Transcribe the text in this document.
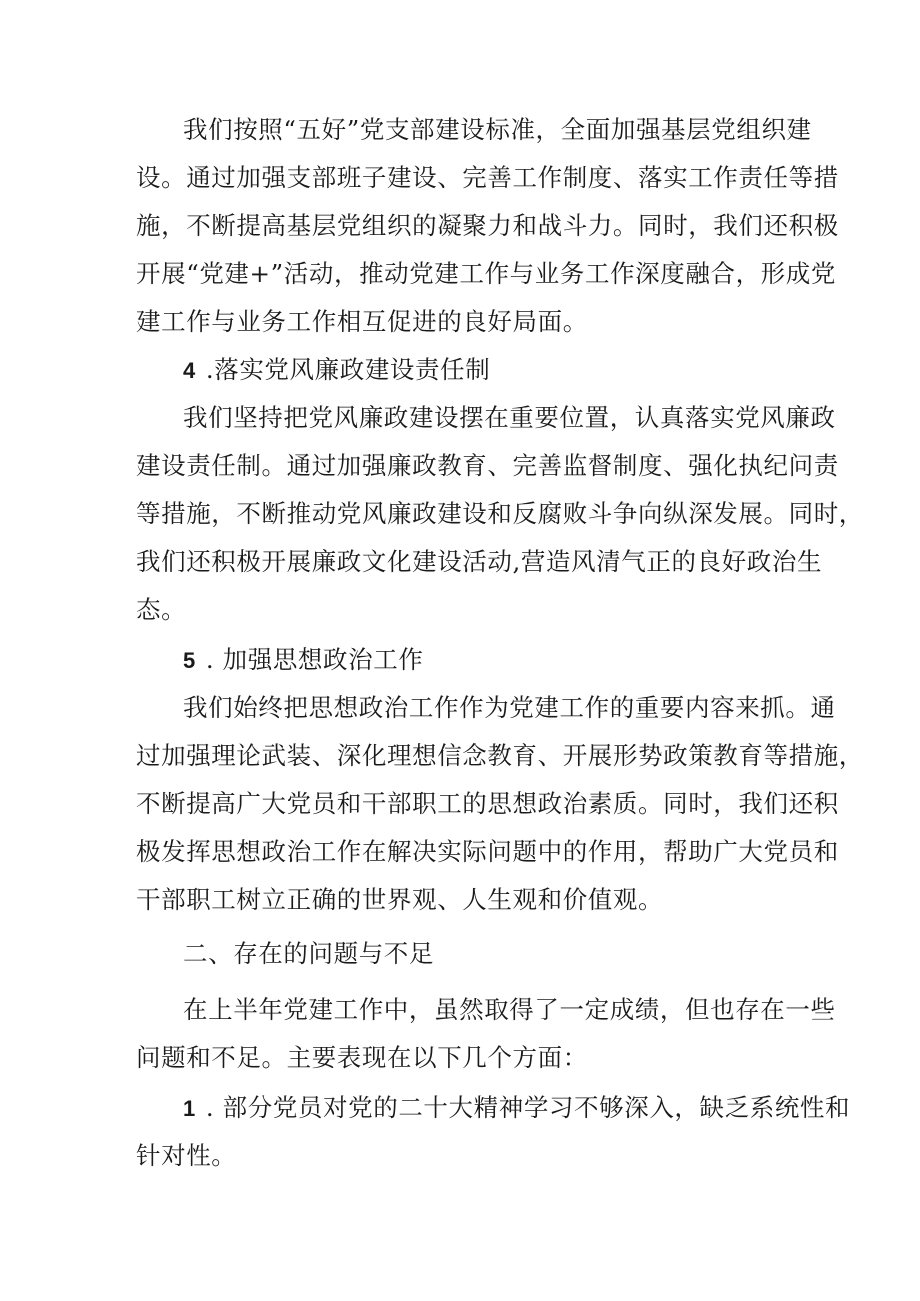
我们按照“五好”党支部建设标准，全面加强基层党组织建
设。通过加强支部班子建设、完善工作制度、落实工作责任等措
施，不断提高基层党组织的凝聚力和战斗力。同时，我们还积极
开展“党建+”活动，推动党建工作与业务工作深度融合，形成党
建工作与业务工作相互促进的良好局面。
4 .落实党风廉政建设责任制
我们坚持把党风廉政建设摆在重要位置，认真落实党风廉政
建设责任制。通过加强廉政教育、完善监督制度、强化执纪问责
等措施，不断推动党风廉政建设和反腐败斗争向纵深发展。同时，
我们还积极开展廉政文化建设活动,营造风清气正的良好政治生
态。
5 . 加强思想政治工作
我们始终把思想政治工作作为党建工作的重要内容来抓。通
过加强理论武装、深化理想信念教育、开展形势政策教育等措施，
不断提高广大党员和干部职工的思想政治素质。同时，我们还积
极发挥思想政治工作在解决实际问题中的作用，帮助广大党员和
干部职工树立正确的世界观、人生观和价值观。
二、存在的问题与不足
在上半年党建工作中，虽然取得了一定成绩，但也存在一些
问题和不足。主要表现在以下几个方面：
1 . 部分党员对党的二十大精神学习不够深入，缺乏系统性和
针对性。
